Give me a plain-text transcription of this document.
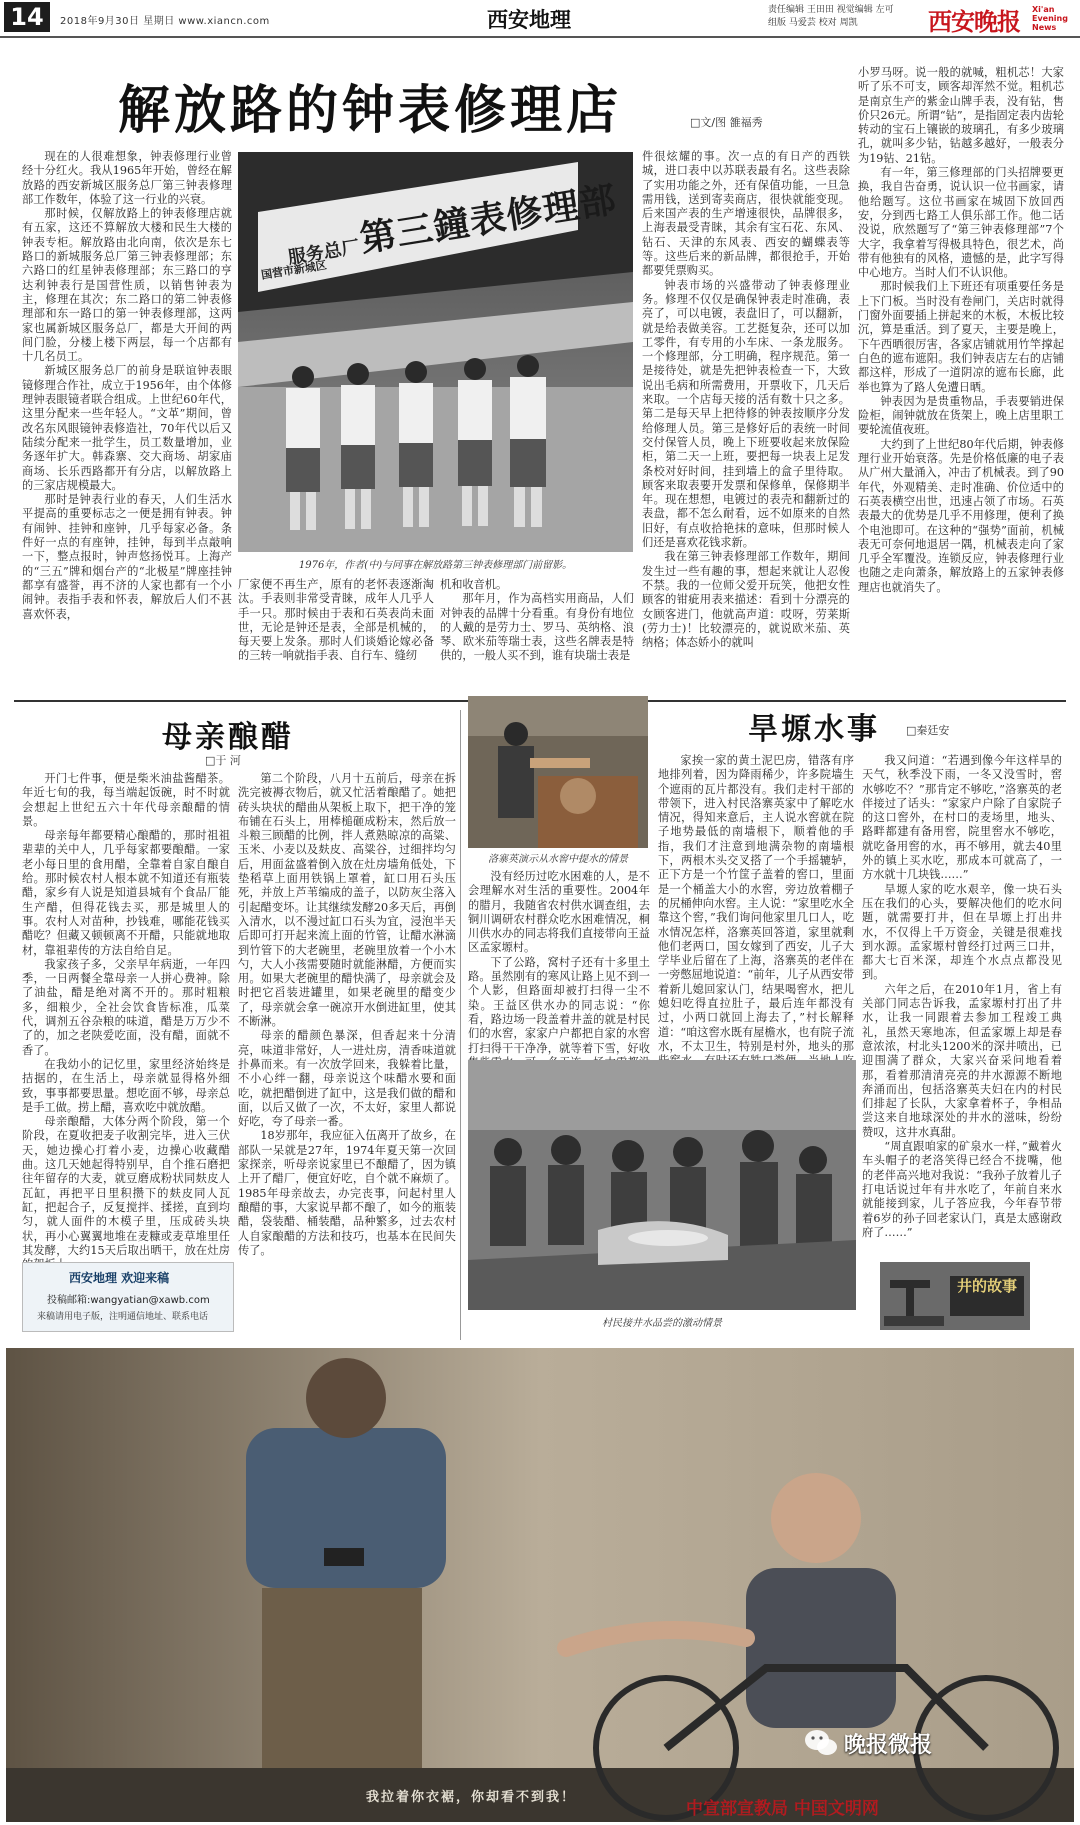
14	2018年9月30日 星期日 www.xiancn.com	西安地理	责任编辑 王田田 视觉编辑 左可
组版 马爱芸 校对 周凯	西安晚报 Xi'an
Evening
News
解放路的钟表修理店	□文/图 雒福秀

现在的人很难想象，钟表修理行业曾经十分红火。我从1965年开始，曾经在解放路的西安新城区服务总厂第三钟表修理部工作数年，体验了这一行业的兴衰。

那时候，仅解放路上的钟表修理店就有五家，这还不算解放大楼和民生大楼的钟表专柜。解放路由北向南，依次是东七路口的新城服务总厂第三钟表修理部；东六路口的红星钟表修理部；东三路口的亨达利钟表行是国营性质，以销售钟表为主，修理在其次；东二路口的第二钟表修理部和东一路口的第一钟表修理部，这两家也属新城区服务总厂，都是大开间的两间门脸，分楼上楼下两层，每一个店都有十几名员工。

新城区服务总厂的前身是联谊钟表眼镜修理合作社，成立于1956年，由个体修理钟表眼镜者联合组成。上世纪60年代，这里分配来一些年轻人。“文革”期间，曾改名东风眼镜钟表修造社，70年代以后又陆续分配来一批学生，员工数量增加，业务逐年扩大。韩森寨、交大商场、胡家庙商场、长乐西路都开有分店，以解放路上的三家店规模最大。

那时是钟表行业的春天，人们生活水平提高的重要标志之一便是拥有钟表。钟有闹钟、挂钟和座钟，几乎每家必备。条件好一点的有座钟，挂钟，每到半点敲响一下，整点报时，钟声悠扬悦耳。上海产的“三五”牌和烟台产的“北极星”牌座挂钟都享有盛誉，再不济的人家也都有一个小闹钟。表指手表和怀表，解放后人们不甚喜欢怀表，

国营市新城区
服务总厂
第三鐘表修理部
1976年，作者(中)与同事在解放路第三钟表修理部门前留影。

厂家便不再生产，原有的老怀表逐渐淘汰。手表则非常受青睐，成年人几乎人手一只。那时候由于表和石英表尚未面世，无论是钟还是表，全部是机械的，每天要上发条。那时人们谈婚论嫁必备的三转一响就指手表、自行车、缝纫

机和收音机。

那年月，作为高档实用商品，人们对钟表的品牌十分看重。有身份有地位的人戴的是劳力士、罗马、英纳格、浪琴、欧米茄等瑞士表，这些名牌表是特供的，一般人买不到，谁有块瑞士表是

件很炫耀的事。次一点的有日产的西铁城，进口表中以苏联表最有名。这些表除了实用功能之外，还有保值功能，一旦急需用钱，送到寄卖商店，很快就能变现。后来国产表的生产增速很快，品牌很多，上海表最受青睐，其余有宝石花、东风、钻石、天津的东风表、西安的蝴蝶表等等。这些后来的新品牌，都很抢手，开始都要凭票购买。

钟表市场的兴盛带动了钟表修理业务。修理不仅仅是确保钟表走时准确，表亮了，可以电镀，表盘旧了，可以翻新，就是给表做美容。工艺挺复杂，还可以加工零件，有专用的小车床、一条龙服务。一个修理部，分工明确，程序规范。第一是接待处，就是先把钟表检查一下，大致说出毛病和所需费用，开票收下，几天后来取。一个店每天接的活有数十只之多。第二是每天早上把待修的钟表按顺序分发给修理人员。第三是修好后的表统一时间交付保管人员，晚上下班要收起来放保险柜，第二天一上班，要把每一块表上足发条校对好时间，挂到墙上的盒子里待取。顾客来取表要开发票和保修单，保修期半年。现在想想，电镀过的表壳和翻新过的表盘，都不怎么耐看，远不如原来的自然旧好，有点收拾艳抹的意味，但那时候人们还是喜欢花钱求新。

我在第三钟表修理部工作数年，期间发生过一些有趣的事，想起来就让人忍俊不禁。我的一位师父爱开玩笑，他把女性顾客的钳疵用表来描述：看到十分漂亮的女顾客进门，他就高声道：哎呀，劳莱斯(劳力士)！比较漂亮的，就说欧米茄、英纳格；体态娇小的就叫

小罗马呀。说一般的就喊，粗机芯！大家听了乐不可支，顾客却浑然不觉。粗机芯是南京生产的紫金山牌手表，没有钻，售价只26元。所谓“钻”，是指固定表内齿轮转动的宝石上镶嵌的玻璃孔，有多少玻璃孔，就叫多少钻，钻越多越好，一般表分为19钻、21钻。

有一年，第三修理部的门头招牌要更换，我自告奋勇，说认识一位书画家，请他给题写。这位书画家在城固下放回西安，分到西七路工人俱乐部工作。他二话没说，欣然题写了“第三钟表修理部”7个大字，我拿着写得极具特色，很艺术，尚带有他独有的风格，遗憾的是，此字写得中心地方。当时人们不认识他。

那时候我们上下班还有项重要任务是上下门板。当时没有卷闸门，关店时就得门窗外面要插上拼起来的木板，木板比较沉，算是重活。到了夏天，主要是晚上，下午西晒很厉害，各家店铺就用竹竿撑起白色的遮布遮阳。我们钟表店左右的店铺都这样，形成了一道阴凉的遮布长廊，此举也算为了路人免遭日晒。

钟表因为是贵重物品，手表要销进保险柜，闹钟就放在货架上，晚上店里职工要轮流值夜班。

大约到了上世纪80年代后期，钟表修理行业开始衰落。先是价格低廉的电子表从广州大量涌入，冲击了机械表。到了90年代，外观精美、走时准确、价位适中的石英表横空出世，迅速占领了市场。石英表最大的优势是几乎不用修理，便利了换个电池即可。在这种的“强势”面前，机械表无可奈何地退居一隅，机械表走向了家几乎全军覆没。连锁反应，钟表修理行业也随之走向萧条，解放路上的五家钟表修理店也就消失了。

母亲酿醋
□于 河

开门七件事，便是柴米油盐酱醋茶。年近七旬的我，每当端起饭碗，时不时就会想起上世纪五六十年代母亲酿醋的情景。

母亲每年都要精心酿醋的，那时祖祖辈辈的关中人，几乎每家都要酿醋。一家老小每日里的食用醋，全靠着自家自酿自给。那时候农村人根本就不知道还有瓶装醋，家乡有人说是知道县城有个食品厂能生产醋，但得花钱去买，那是城里人的事。农村人对苗种，抄钱难，哪能花钱买醋吃？但藏又顿顿离不开醋，只能就地取材，靠祖辈传的方法自给自足。

我家孩子多，父亲早年病逝，一年四季，一日两餐全靠母亲一人拼心费神。除了油盐，醋是绝对离不开的。那时粗粮多，细粮少，全社会饮食皆标准，瓜菜代，调剂五谷杂粮的味道，醋是万万少不了的，加之老陕爱吃面，没有醋，面就不香了。

在我幼小的记忆里，家里经济始终是拮据的，在生活上，母亲就显得格外细致，事事都要思量。想吃面不够，母亲总是手工做。捞上醋，喜欢吃中就放醋。

母亲酿醋，大体分两个阶段，第一个阶段，在夏收把麦子收割完毕，进入三伏天，她边操心打着小麦，边操心收藏醋曲。这几天她起得特别早，自个推石磨把往年留存的大麦，就豆磨成粉状同麸皮人瓦缸，再把平日里积攒下的麸皮同人瓦缸，把起合子，反复搅拌、揉搓，直到均匀，就人面件的木模子里，压成砖头块状，再小心翼翼地堆在麦糠或麦草堆里任其发酵，大约15天后取出晒干，放在灶房

第二个阶段，八月十五前后，母亲在拆洗完被褥衣物后，就又忙活着酿醋了。她把砖头块状的醋曲从架板上取下，把干净的笼布铺在石头上，用棒槌砸成粉末，然后放一斗粮三顾醋的比例，拌人煮熟晾凉的高粱、玉米、小麦以及麸皮、高粱谷，过细拌均匀后，用面盆盛着倒入放在灶房墙角低处，下垫稻草上面用铁锅上罩着，缸口用石头压死，并放上芦苇编成的盖子，以防灰尘落入引起醋变坏。让其继续发酵20多天后，再倒入清水，以不漫过缸口石头为宜，浸泡半天后即可打开起来流上面的竹管，让醋水淋滴到竹管下的大老碗里，老碗里放着一个小木勺，大人小孩需要随时就能淋醋，方便而实用。如果大老碗里的醋快满了，母亲就会及时把它舀装进罐里，如果老碗里的醋变少了，母亲就会拿一碗凉开水倒进缸里，使其不断淋。

母亲的醋颜色暴深，但香起来十分清亮，味道非常好，人一进灶房，清香味道就扑鼻而来。有一次放学回来，我躲着比量，不小心绊一翻，母亲说这个味醋水要和面吃，就把醋倒进了缸中，这是我们做的醋和面，以后又做了一次，不太好，家里人都说好吃，夸了母亲一番。

18岁那年，我应征入伍离开了故乡，在部队一呆就是27年，1974年夏天第一次回家探亲，听母亲说家里已不酿醋了，因为镇上开了醋厂，便宜好吃，自个就不麻烦了。1985年母亲故去，办完丧事，问起村里人酿醋的事，大家说早都不酿了，如今的瓶装醋，袋装醋、桶装醋，品种繁多，过去农村人自家酿醋的方法和技巧，也基本在民间失传了。

西安地理 欢迎来稿
投稿邮箱:wangyatian@xawb.com
来稿请用电子版，注明通信地址、联系电话
洛寨英演示从水窖中提水的情景
旱塬水事 □秦廷安

没有经历过吃水困难的人，是不会理解水对生活的重要性。2004年的腊月，我随省农村供水调查组，去铜川调研农村群众吃水困难情况，桐川供水办的同志将我们直接带向王益区孟家塬村。

下了公路，窝村子还有十多里土路。虽然刚有的寒风让路上见不到一个人影，但路面却被打扫得一尘不染。王益区供水办的同志说：“你看，路边场一段盖着井盖的就是村民们的水窖，家家户户都把自家的水窖打扫得干干净净，就等着下雪，好收

家挨一家的黄土泥巴房，错落有序地排列着，因为降雨稀少，许多院墙生个遮雨的瓦片都没有。我们走村干部的带领下，进入村民洛寨英家中了解吃水情况，得知来意后，主人说水窖就在院子地势最低的南墙根下，顺着他的手指，我们才注意到地满杂物的南墙根下，两根木头交叉搭了一个手摇辘轳，正下方是一个竹筐子盖着的窖口，里面是一个桶盖大小的水窖，旁边放着棚子的尻桶伸向水窖。主人说：“家里吃水全靠这个窖，”我们询问他家里几口人，吃水情况怎样，洛寨英回答道，家里就剩他们老两口，国女嫁到了西安，儿子大学毕业后留在了上海，洛寨英的老伴在一旁憋屈地说道：“前年，儿子从西安带着新儿媳回家认门，结果喝窖水，把儿媳妇吃得直拉肚子，最后连年都没有过，小两口就回上海去了，”村长解释道：“咱这窖水既有屋檐水，也有院子流水，不太卫生，特别是村外，地头的那

我又问道：“若遇到像今年这样旱的天气，秋季没下雨，一冬又没雪时，窖水够吃不？”那肯定不够吃，”洛寨英的老伴接过了话头：“家家户户除了自家院子的这口窖外，在村口的麦场里，地头、路畔都建有备用窖，院里窖水不够吃，就吃备用窖的水，再不够用，就去40里外的镇上买水吃，那成本可就高了，一方水就十几块钱……”

旱塬人家的吃水艰辛，像一块石头压在我们的心头，要解决他们的吃水问题，就需要打井，但在旱塬上打出井水，不仅得上千万资金，关键是很难找到水源。孟家塬村曾经打过两三口井，都大七百米深，却连个水点点都没见到。

六年之后，在2010年1月，省上有关部门同志告诉我，孟家塬村打出了井水，让我一同跟着去参加工程竣工典礼，虽然天寒地冻，但孟家塬上却是春意浓浓，村北头1200米的深井喷出，已迎围满了群众，大家兴奋采问地看着那，看着那清清亮亮的井水源源不断地奔涌而出，包括洛寨英夫妇在内的村民们排起了长队，大家拿着杯子，争相品尝这来自地球深处的井水的滋味，纷纷赞叹，这井水真甜。

“周直跟咱家的矿泉水一样，”戴着火车头帽子的老洛笑得已经合不拢嘴，他的老伴高兴地对我说：“我孙子放着儿子打电话说过年有井水吃了，年前自来水就能接到家，儿子答应我，今年春节带着6岁的孙子回老家认门，真是太感谢政府了……”

村民接井水品尝的激动情景
井的故事
我拉着你衣裾，你却看不到我！
中宣部宣教局 中国文明网
晚报微报
